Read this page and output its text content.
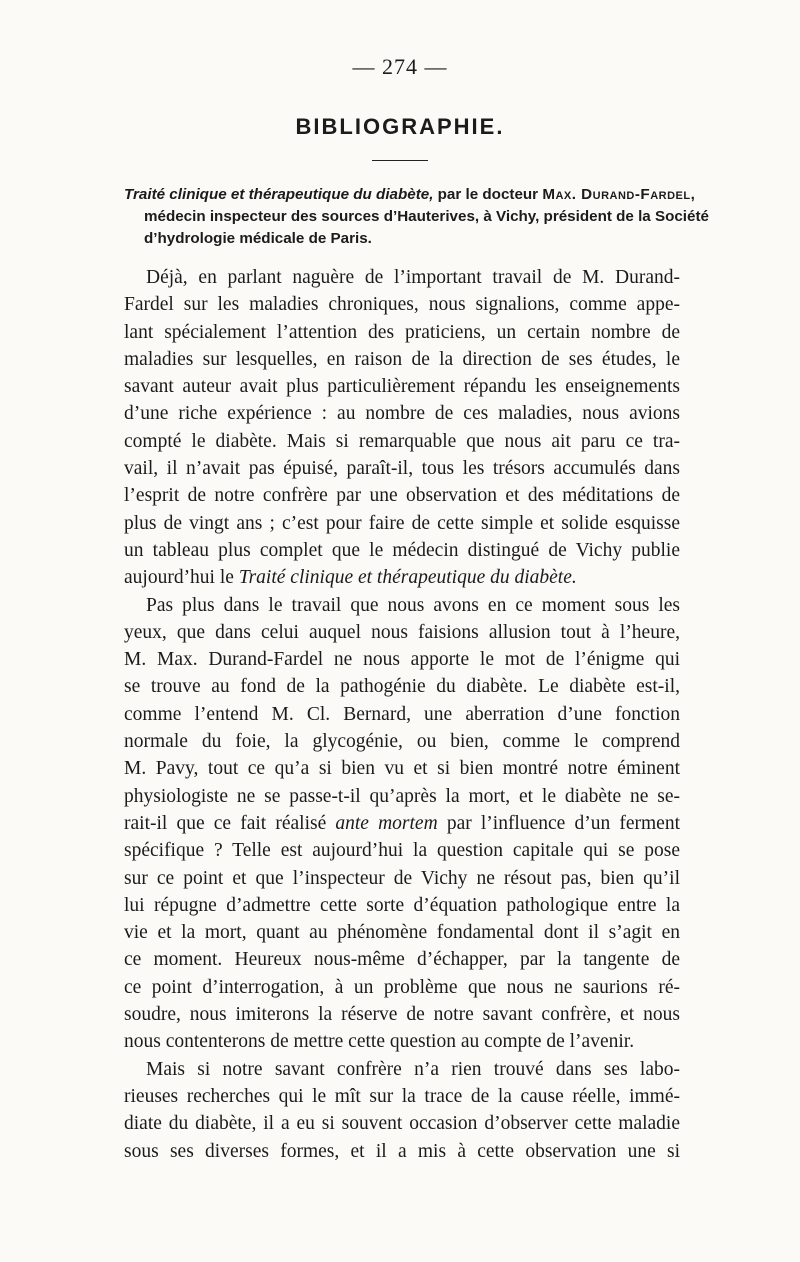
— 274 —
BIBLIOGRAPHIE.
Traité clinique et thérapeutique du diabète, par le docteur Max. Durand-Fardel,
médecin inspecteur des sources d’Hauterives, à Vichy, président de la Société
d’hydrologie médicale de Paris.
Déjà, en parlant naguère de l’important travail de M. Durand-
Fardel sur les maladies chroniques, nous signalions, comme appe-
lant spécialement l’attention des praticiens, un certain nombre de
maladies sur lesquelles, en raison de la direction de ses études, le
savant auteur avait plus particulièrement répandu les enseignements
d’une riche expérience : au nombre de ces maladies, nous avions
compté le diabète. Mais si remarquable que nous ait paru ce tra-
vail, il n’avait pas épuisé, paraît-il, tous les trésors accumulés dans
l’esprit de notre confrère par une observation et des méditations de
plus de vingt ans ; c’est pour faire de cette simple et solide esquisse
un tableau plus complet que le médecin distingué de Vichy publie
aujourd’hui le Traité clinique et thérapeutique du diabète.
Pas plus dans le travail que nous avons en ce moment sous les
yeux, que dans celui auquel nous faisions allusion tout à l’heure,
M. Max. Durand-Fardel ne nous apporte le mot de l’énigme qui
se trouve au fond de la pathogénie du diabète. Le diabète est-il,
comme l’entend M. Cl. Bernard, une aberration d’une fonction
normale du foie, la glycogénie, ou bien, comme le comprend
M. Pavy, tout ce qu’a si bien vu et si bien montré notre éminent
physiologiste ne se passe-t-il qu’après la mort, et le diabète ne se-
rait-il que ce fait réalisé ante mortem par l’influence d’un ferment
spécifique ? Telle est aujourd’hui la question capitale qui se pose
sur ce point et que l’inspecteur de Vichy ne résout pas, bien qu’il
lui répugne d’admettre cette sorte d’équation pathologique entre la
vie et la mort, quant au phénomène fondamental dont il s’agit en
ce moment. Heureux nous-même d’échapper, par la tangente de
ce point d’interrogation, à un problème que nous ne saurions ré-
soudre, nous imiterons la réserve de notre savant confrère, et nous
nous contenterons de mettre cette question au compte de l’avenir.
Mais si notre savant confrère n’a rien trouvé dans ses labo-
rieuses recherches qui le mît sur la trace de la cause réelle, immé-
diate du diabète, il a eu si souvent occasion d’observer cette maladie
sous ses diverses formes, et il a mis à cette observation une si
